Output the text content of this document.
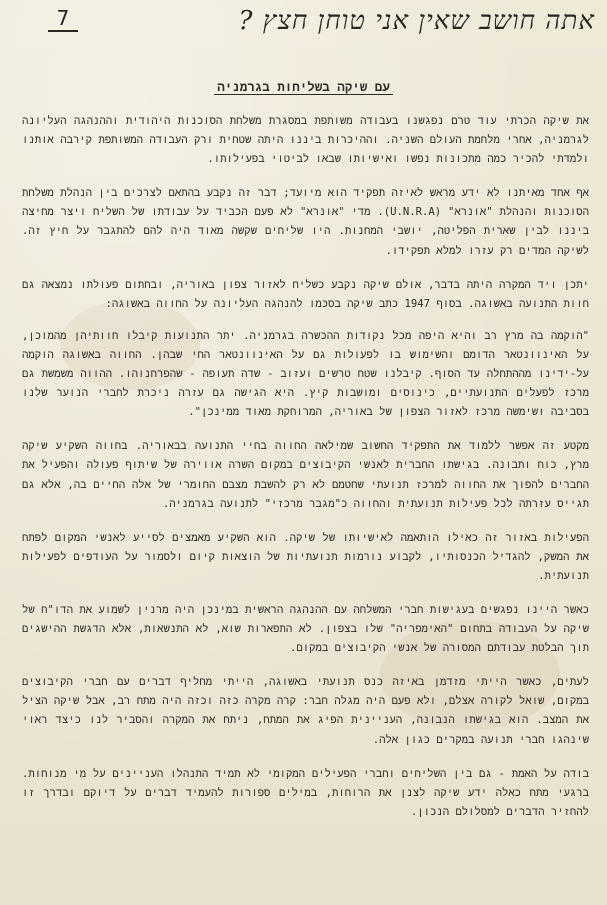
7	אתה חושב שאין אני טוחן חצץ ?
עם שיקה בשליחות בגרמניה

את שיקה הכרתי עוד טרם נפגשנו בעבודה משותפת במסגרת משלחת הסוכנות היהודית וההנהגה העליונה לגרמניה, אחרי מלחמת העולם השניה. וההיכרות ביננו היתה שטחית ורק העבודה המשותפת קירבה אותנו ולמדתי להכיר כמה מתכונות נפשו ואישיותו שבאו לביטוי בפעילותו.

אף אחד מאיתנו לא ידע מראש לאיזה תפקיד הוא מיועד; דבר זה נקבע בהתאם לצרכים בין הנהלת משלחת הסוכנות והנהלת "אונרא" (U.N.R.A). מדי "אונרא" לא פעם הכביד על עבודתו של השליח ויצר מחיצה ביננו לבין שארית הפליטה, יושבי המחנות. היו שליחים שקשה מאוד היה להם להתגבר על חיץ זה. לשיקה המדים רק עזרו למלא תפקידו.

יתכן ויד המקרה היתה בדבר, אולם שיקה נקבע כשליח לאזור צפון באוריה, ובחתום פעולתו נמצאה גם חוות התנועה באשוגה. בסוף 1947 כתב שיקה בסכמו להנהגה העליונה על החווה באשוגה:

"הוקמה בה מרץ רב והיא היפה מכל נקודות ההכשרה בגרמניה. יתר התנועות קיבלו חוותיהן מהמוכן, על האינוונטאר הדומם והשימוש בו לפעולות גם על האינוונטאר החי שבהן. החווה באשוגה הוקמה על-ידינו מההתחלה עד הסוף. קיבלנו שטח טרשים ועזוב - שדה תעופה - שהפרחנוהו. ההווה משמשת גם מרכז לפעלים התנועתיים, כינוסים ומושבות קיץ. היא הגישה גם עזרה ניכרת לחברי הנוער שלנו בסביבה ושימשה מרכז לאזור הצפון של באוריה, המרוחקת מאוד ממינכן".

מקטע זה אפשר ללמוד את התפקיד החשוב שמילאה החווה בחיי התנועה בבאוריה. בחווה השקיע שיקה מרץ, כוח ותבונה. בגישתו החברית לאנשי הקיבוצים במקום השרה אווירה של שיתוף פעולה והפעיל את החברים להפוך את החווה למרכז תנועתי שחטמם לא רק להשבת מצבם החומרי של אלה החיים בה, אלא גם תגייס עזרתה לכל פעילות תנועתית והחווה כ"מגבר מרכזי" לתנועה בגרמניה.

הפעילות באזור זה כאילו הותאמה לאישיותו של שיקה. הוא השקיע מאמצים לסייע לאנשי המקום לפתח את המשק, להגדיל הכנסותיו, לקבוע נורמות תנועתיות של הוצאות קיום ולסמור על העודפים לפעילות תנועתית.

כאשר היינו נפגשים בעגישות חברי המשלחה עם ההנהגה הראשית במינכן היה מרנין לשמוע את הדו"ח של שיקה על העבודה בתחום "האימפריה" שלו בצפון. לא התפארות שוא, לא התנשאות, אלא הדגשת ההישגים תוך הבלטת עבודתם המסורה של אנשי הקיבוצים במקום.

לעתים, כאשר הייתי מזדמן באיזה כנס תנועתי באשוגה, הייתי מחליף דברים עם חברי הקיבוצים במקום, שואל לקורה אצלם, ולא פעם היה מגלה חבר: קרה מקרה כזה וכזה היה מתח רב, אבל שיקה הציל את המצב. הוא בגישתו הנבונה, העניינית הפיג את המתח, ניתח את המקרה והסביר לנו כיצד ראוי שינהגו חברי תנועה במקרים כגון אלה.

בודה על האמת - גם בין השליחים וחברי הפעילים המקומי לא תמיד התנהלו העניינים על מי מנוחות. ברגעי מתח כאלה ידע שיקה לצנן את הרוחות, במילים ספורות להעמיד דברים על דיוקם ובדרך זו להחזיר הדברים למסלולם הנכון.
